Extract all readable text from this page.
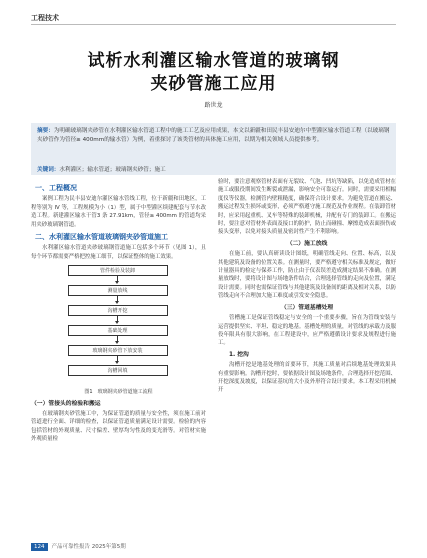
工程技术
试析水利灌区输水管道的玻璃钢
夹砂管施工应用
路世龙
摘要：为明确玻璃钢夹砂管在水利灌区输水管道工程中的施工工艺及应用成果，本文以新疆和田民丰县安迪尔中型灌区输水管道工程（以玻璃钢夹砂管作为管径≥ 400mm的输水管）为例，着重探讨了该类管材的具体施工应用，以期为相关领域人员提供参考。
关键词：水利灌区；输水管道；玻璃钢夹砂管；施工
一、工程概况

案例工程为民丰县安迪尔灌区输水管线工程，位于新疆和田地区，工程等别为 IV 等，工程规模为小（1）型，属于中型灌区续建配套与节水改造工程。新建灌区输水干管3 条 27.91km，管径≥ 400mm 的管道均采用夹砂玻璃钢管道。

二、水利灌区输水管道玻璃钢夹砂管道施工

水利灌区输水管道夹砂玻璃钢管道施工包括多个环节（见图 1），且每个环节都需要严格把控施工细节，以保证整体的施工效果。

管件检验及装卸
测量放线
沟槽开挖
基础处理
玻璃钢夹砂管下放安装
沟槽回填
图1　玻璃钢夹砂管道施工流程
（一）管接头的检验和搬运

在玻璃钢夹砂管施工中，为保证管道的质量与安全性，须在施工前对管道进行全面、详细的检查，以保证管道质量满足设计需要。检验的内容包括管材的外观质量、尺寸偏差、壁厚均匀性及的变光滑等。对管材实施外观质量检

验时，要注意观察管材表面有无裂纹、气泡、凹坑等缺陷，以免造成管材在施工或服役期间发生断裂或泄漏，影响安全可靠运行。同时，需要采用相幅度仪等仪器，检测管内壁粗糙度，确保符合设计要求。为避免管道在搬运、搬运过程发生损坏或变形，必须严格遵守施工规范及作业规程。在装卸管材时，应采用起重机、叉车等特殊的装卸机械，并配有专门的装卸工。在搬运时，要注意对管材外表面及接口的防护，防止而碰撞、摩擦造成表面损伤或接头变形，以免对接头质量及密封性产生不利影响。

（二）施工放线

在施工前，要认真研读设计图纸，明确管线走向、位置、标高，以及其他建筑及设备的位置关系。在测量时，要严格遵守相关标准及规定，做好计量器具的检定与保养工作，防止由于仪表误差造成测定结果不准确。在测量放线时，要将设计图与场地条件结合，合理选择管线的走向及位置，满足设计需要。同时也需保证管线与其他建筑及设备间的距离及相对关系，以防管线走向不合理加大施工难度或引发安全隐患。

（三）管道基槽处理

管槽施工是保证管线稳定与安全的一个重要步骤，旨在为管线安装与运营提供坚实、平坦、稳定的地基。基槽处理的质量，对管线的承载力及服役年限具有很大影响，在工程建设中，应严格遵循设计要求及规程进行施工。

1. 挖沟

沟槽开挖是地基处理的首要环节，其施工质量对后续地基处理效果具有重要影响。沟槽开挖时，要依据设计图及场地条件，合理选择开挖范围、开挖深度及坡度，以保证基坑的大小及外形符合设计要求。本工程采用机械开

124 产品可靠性报告 2025年第5期
